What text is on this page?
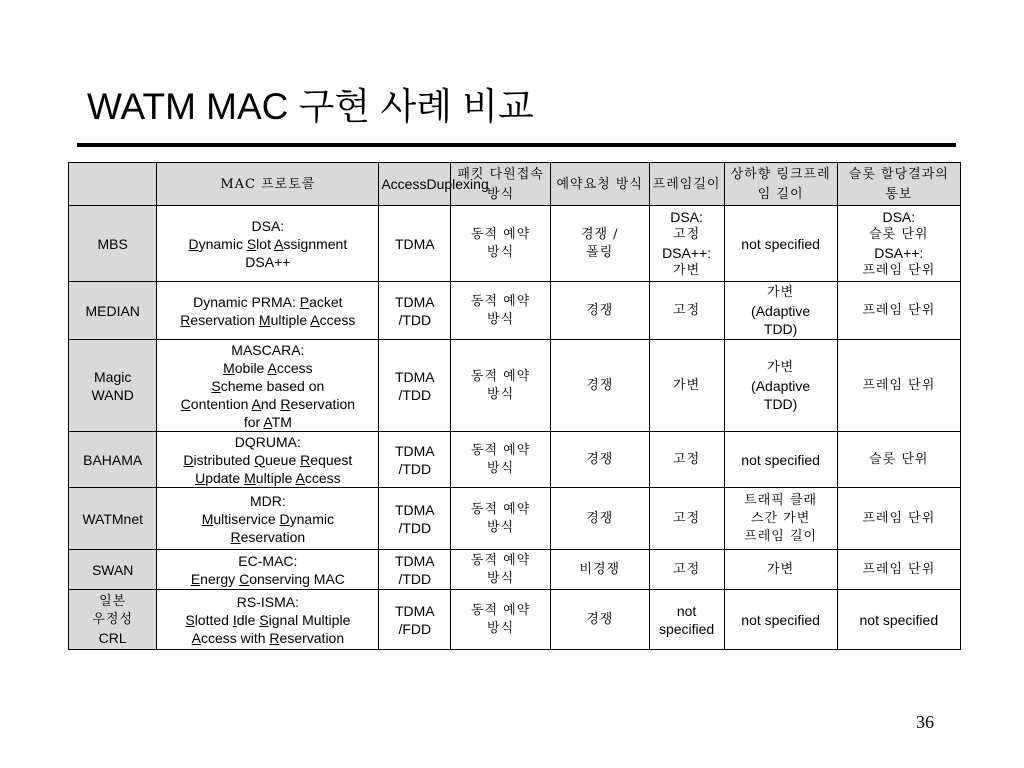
WATM MAC 구현 사례 비교
	MAC 프로토콜	AccessDuplexing	패킷 다원접속 방식	예약요청 방식	프레임길이	상하향 링크프레임 길이	슬롯 할당결과의 통보

MBS	DSA:
Dynamic Slot Assignment
DSA++	TDMA	동적 예약
방식	경쟁 /
폴링	DSA:
고정
DSA++:
가변	not specified	DSA:
슬롯 단위
DSA++:
프레임 단위

MEDIAN	Dynamic PRMA: Packet
Reservation Multiple Access	TDMA
/TDD	동적 예약
방식	경쟁	고정	가변
(Adaptive
TDD)	프레임 단위

Magic
WAND	MASCARA:
Mobile Access
Scheme based on
Contention And Reservation
for ATM	TDMA
/TDD	동적 예약
방식	경쟁	가변	가변
(Adaptive
TDD)	프레임 단위

BAHAMA	DQRUMA:
Distributed Queue Request
Update Multiple Access	TDMA
/TDD	동적 예약
방식	경쟁	고정	not specified	슬롯 단위

WATMnet	MDR:
Multiservice Dynamic
Reservation	TDMA
/TDD	동적 예약
방식	경쟁	고정	트래픽 클래
스간 가변
프레임 길이	프레임 단위

SWAN	EC-MAC:
Energy Conserving MAC	TDMA
/TDD	동적 예약
방식	비경쟁	고정	가변	프레임 단위

일본
우정성
CRL	RS-ISMA:
Slotted Idle Signal Multiple
Access with Reservation	TDMA
/FDD	동적 예약
방식	경쟁	not
specified	not specified	not specified
36
